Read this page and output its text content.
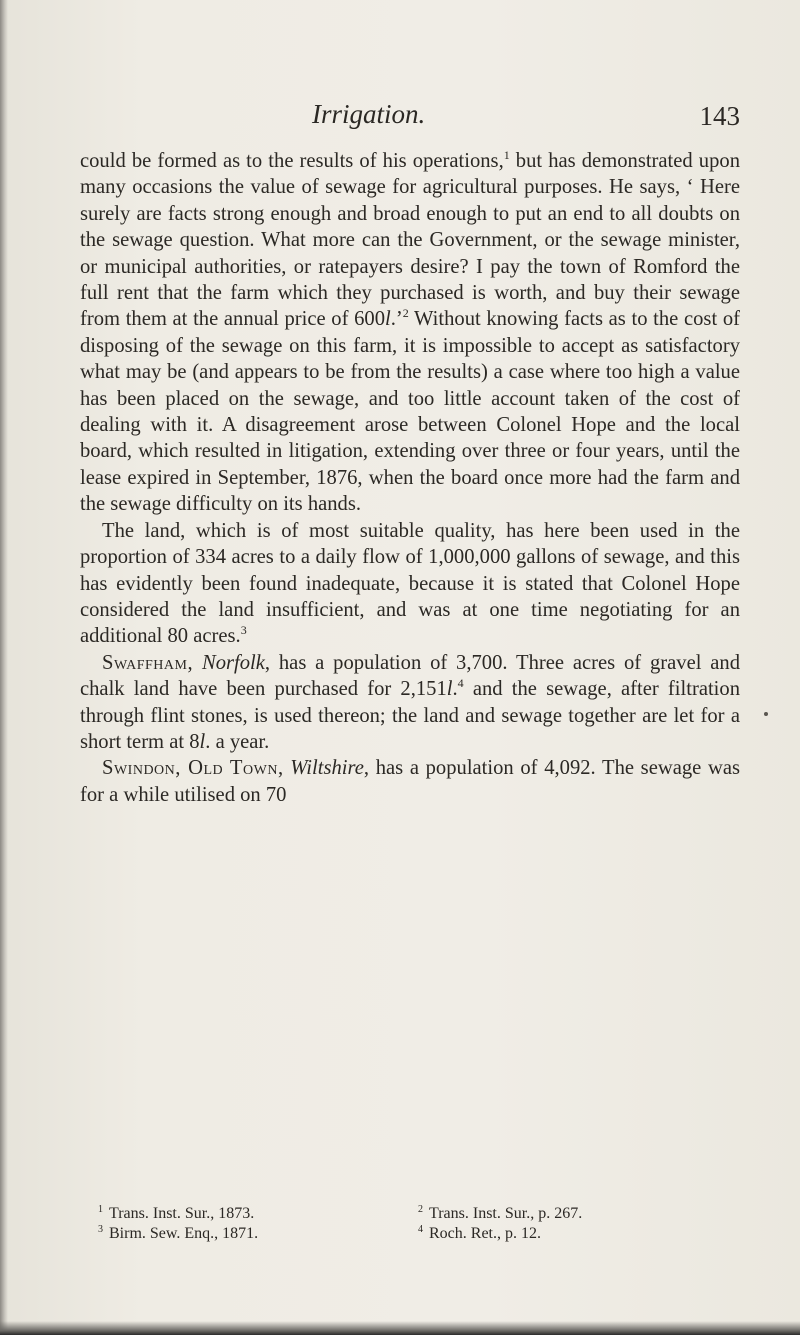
Irrigation.	143

could be formed as to the results of his operations,$^1$ but has demonstrated upon many occasions the value of sewage for agricultural purposes. He says, ‘ Here surely are facts strong enough and broad enough to put an end to all doubts on the sewage question. What more can the Government, or the sewage minister, or municipal authorities, or ratepayers desire? I pay the town of Romford the full rent that the farm which they purchased is worth, and buy their sewage from them at the annual price of 600l.’$^2$ Without knowing facts as to the cost of disposing of the sewage on this farm, it is impossible to accept as satisfactory what may be (and appears to be from the results) a case where too high a value has been placed on the sewage, and too little account taken of the cost of dealing with it. A disagreement arose between Colonel Hope and the local board, which resulted in litigation, extending over three or four years, until the lease expired in September, 1876, when the board once more had the farm and the sewage difficulty on its hands.

The land, which is of most suitable quality, has here been used in the proportion of 334 acres to a daily flow of 1,000,000 gallons of sewage, and this has evidently been found inadequate, because it is stated that Colonel Hope considered the land insufficient, and was at one time negotiating for an additional 80 acres.$^3$

Swaffham, Norfolk, has a population of 3,700. Three acres of gravel and chalk land have been purchased for 2,151l.$^4$ and the sewage, after filtration through flint stones, is used thereon; the land and sewage together are let for a short term at 8l. a year.

Swindon, Old Town, Wiltshire, has a population of 4,092. The sewage was for a while utilised on 70

$^1$ Trans. Inst. Sur., 1873.	$^2$ Trans. Inst. Sur., p. 267.
$^3$ Birm. Sew. Enq., 1871.	$^4$ Roch. Ret., p. 12.
